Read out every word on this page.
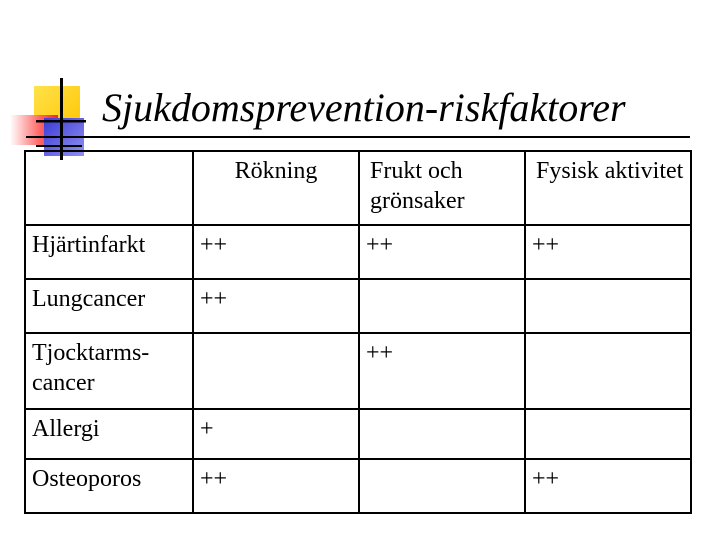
Sjukdomsprevention-riskfaktorer
	Rökning	Frukt och grönsaker	Fysisk aktivitet
Hjärtinfarkt	++	++	++
Lungcancer	++		
Tjocktarms-cancer		++	
Allergi	+		
Osteoporos	++		++
